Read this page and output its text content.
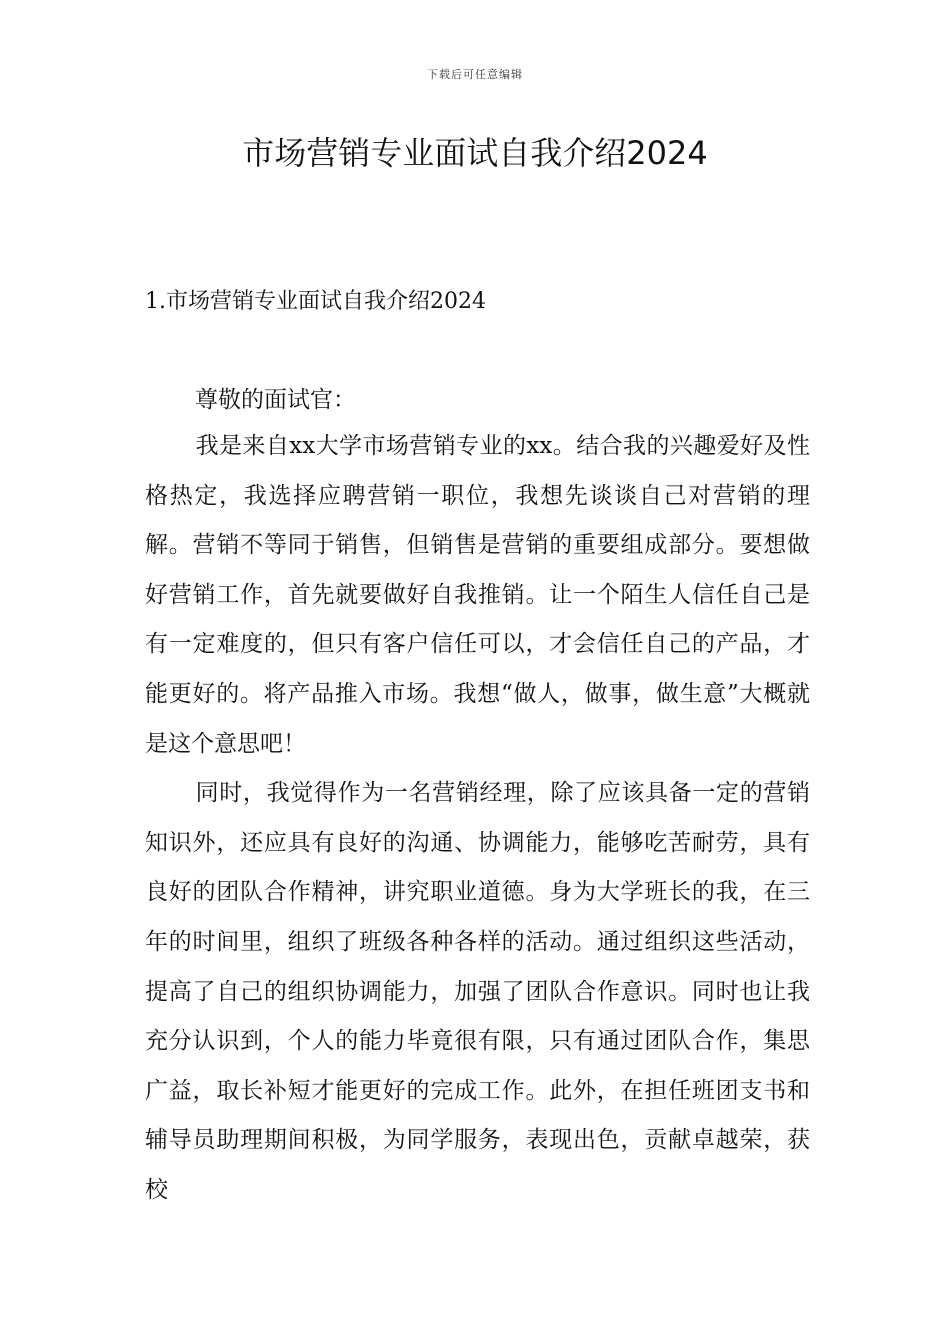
下载后可任意编辑
市场营销专业面试自我介绍2024
1.市场营销专业面试自我介绍2024

尊敬的面试官：

我是来自xx大学市场营销专业的xx。结合我的兴趣爱好及性格热定，我选择应聘营销一职位，我想先谈谈自己对营销的理解。营销不等同于销售，但销售是营销的重要组成部分。要想做好营销工作，首先就要做好自我推销。让一个陌生人信任自己是有一定难度的，但只有客户信任可以，才会信任自己的产品，才能更好的。将产品推入市场。我想“做人，做事，做生意”大概就是这个意思吧！

同时，我觉得作为一名营销经理，除了应该具备一定的营销知识外，还应具有良好的沟通、协调能力，能够吃苦耐劳，具有良好的团队合作精神，讲究职业道德。身为大学班长的我，在三年的时间里，组织了班级各种各样的活动。通过组织这些活动，提高了自己的组织协调能力，加强了团队合作意识。同时也让我充分认识到，个人的能力毕竟很有限，只有通过团队合作，集思广益，取长补短才能更好的完成工作。此外，在担任班团支书和辅导员助理期间积极，为同学服务，表现出色，贡献卓越荣，获校
